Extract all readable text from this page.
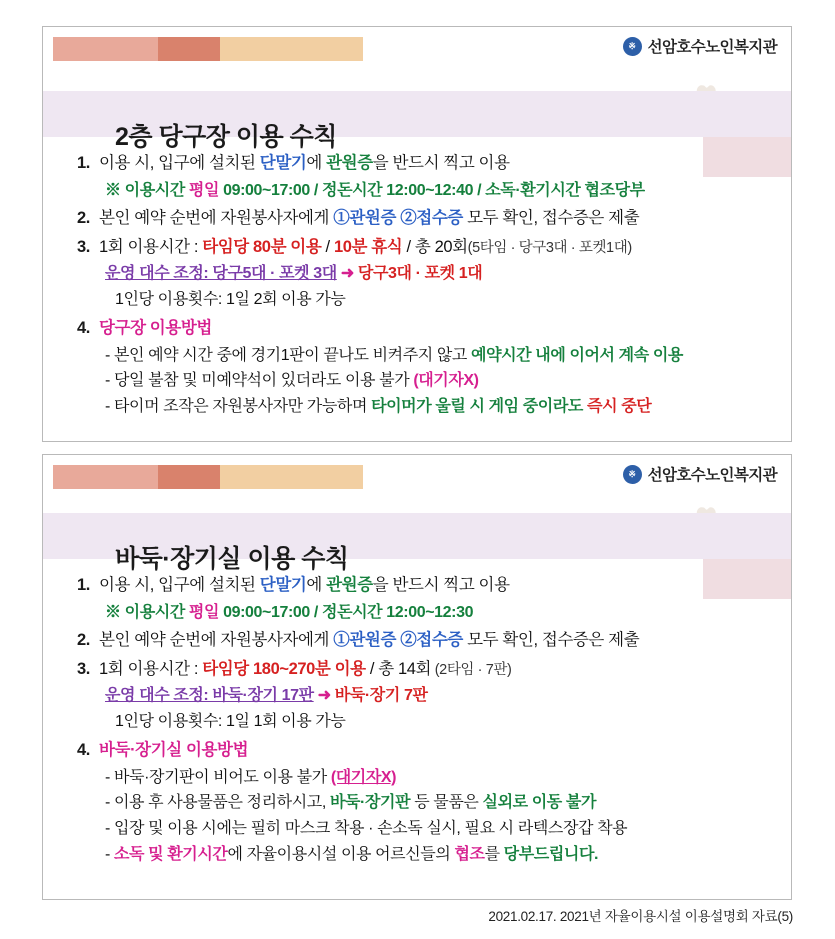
※ 선암호수노인복지관
2층 당구장 이용 수칙
1. 이용 시, 입구에 설치된 단말기에 관원증을 반드시 찍고 이용
※ 이용시간 평일 09:00~17:00 / 정돈시간 12:00~12:40 / 소독·환기시간 협조당부
2. 본인 예약 순번에 자원봉사자에게 ①관원증 ②접수증 모두 확인, 접수증은 제출
3. 1회 이용시간 : 타임당 80분 이용 / 10분 휴식 / 총 20회(5타임 · 당구3대 · 포켓1대)
운영 대수 조정: 당구5대 · 포켓 3대 ➜ 당구3대 · 포켓 1대
1인당 이용횟수: 1일 2회 이용 가능
4. 당구장 이용방법
- 본인 예약 시간 중에 경기1판이 끝나도 비켜주지 않고 예약시간 내에 이어서 계속 이용
- 당일 불참 및 미예약석이 있더라도 이용 불가 (대기자X)
- 타이머 조작은 자원봉사자만 가능하며 타이머가 울릴 시 게임 중이라도 즉시 중단
※ 선암호수노인복지관
바둑·장기실 이용 수칙
1. 이용 시, 입구에 설치된 단말기에 관원증을 반드시 찍고 이용
※ 이용시간 평일 09:00~17:00 / 정돈시간 12:00~12:30
2. 본인 예약 순번에 자원봉사자에게 ①관원증 ②접수증 모두 확인, 접수증은 제출
3. 1회 이용시간 : 타임당 180~270분 이용 / 총 14회 (2타임 · 7판)
운영 대수 조정: 바둑·장기 17판 ➜ 바둑·장기 7판
1인당 이용횟수: 1일 1회 이용 가능
4. 바둑·장기실 이용방법
- 바둑·장기판이 비어도 이용 불가 (대기자X)
- 이용 후 사용물품은 정리하시고, 바둑·장기판 등 물품은 실외로 이동 불가
- 입장 및 이용 시에는 필히 마스크 착용 · 손소독 실시, 필요 시 라텍스장갑 착용
- 소독 및 환기시간에 자율이용시설 이용 어르신들의 협조를 당부드립니다.
2021.02.17. 2021년 자율이용시설 이용설명회 자료(5)
